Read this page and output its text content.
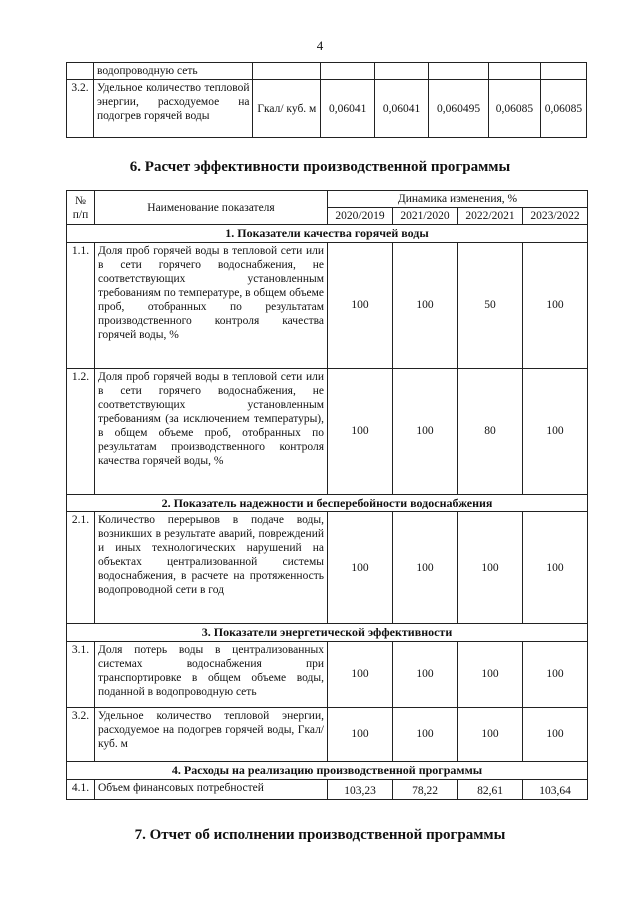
4
	водопроводную сеть						
3.2.	Удельное количество тепловой энергии, расходуемое на подогрев горячей воды	Гкал/ куб. м	0,06041	0,06041	0,060495	0,06085	0,06085
6. Расчет эффективности производственной программы
№ п/п	Наименование показателя	Динамика изменения, %			
		2020/2019	2021/2020	2022/2021	2023/2022
1. Показатели качества горячей воды					
1.1.	Доля проб горячей воды в тепловой сети или в сети горячего водоснабжения, не соответствующих установленным требованиям по температуре, в общем объеме проб, отобранных по результатам производственного контроля качества горячей воды, %	100	100	50	100
1.2.	Доля проб горячей воды в тепловой сети или в сети горячего водоснабжения, не соответствующих установленным требованиям (за исключением температуры), в общем объеме проб, отобранных по результатам производственного контроля качества горячей воды, %	100	100	80	100
2. Показатель надежности и бесперебойности водоснабжения					
2.1.	Количество перерывов в подаче воды, возникших в результате аварий, повреждений и иных технологических нарушений на объектах централизованной системы водоснабжения, в расчете на протяженность водопроводной сети в год	100	100	100	100
3. Показатели энергетической эффективности					
3.1.	Доля потерь воды в централизованных системах водоснабжения при транспортировке в общем объеме воды, поданной в водопроводную сеть	100	100	100	100
3.2.	Удельное количество тепловой энергии, расходуемое на подогрев горячей воды, Гкал/куб. м	100	100	100	100
4. Расходы на реализацию производственной программы					
4.1.	Объем финансовых потребностей	103,23	78,22	82,61	103,64
7. Отчет об исполнении производственной программы
